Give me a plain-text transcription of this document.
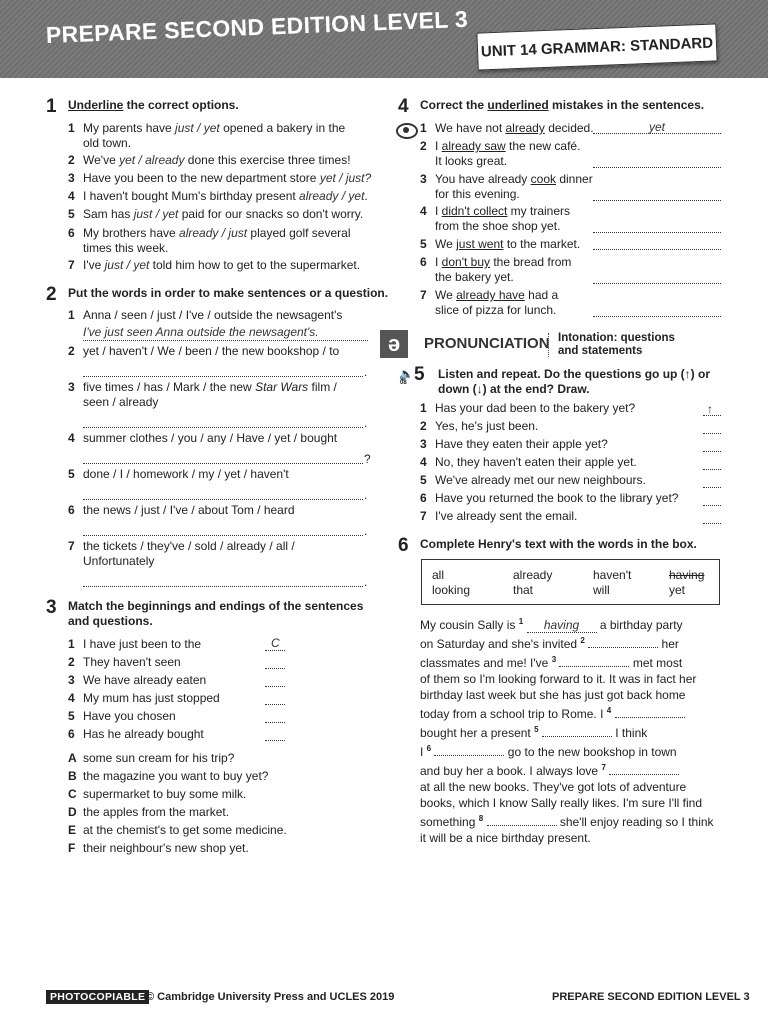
PREPARE SECOND EDITION LEVEL 3 UNIT 14 GRAMMAR: STANDARD
1 Underline the correct options.
1 My parents have just / yet opened a bakery in the
old town.
2 We've yet / already done this exercise three times!
3 Have you been to the new department store yet / just?
4 I haven't bought Mum's birthday present already / yet.
5 Sam has just / yet paid for our snacks so don't worry.
6 My brothers have already / just played golf several
times this week.
7 I've just / yet told him how to get to the supermarket.
2 Put the words in order to make sentences or a question.
1 Anna / seen / just / I've / outside the newsagent's
I've just seen Anna outside the newsagent's.
2 yet / haven't / We / been / the new bookshop / to
.
3 five times / has / Mark / the new Star Wars film /
seen / already
.
4 summer clothes / you / any / Have / yet / bought
?
5 done / I / homework / my / yet / haven't
.
6 the news / just / I've / about Tom / heard
.
7 the tickets / they've / sold / already / all /
Unfortunately
.
3 Match the beginnings and endings of the sentences
and questions.
1 I have just been to the	C
2 They haven't seen
3 We have already eaten
4 My mum has just stopped
5 Have you chosen
6 Has he already bought
A some sun cream for his trip?
B the magazine you want to buy yet?
C supermarket to buy some milk.
D the apples from the market.
E at the chemist's to get some medicine.
F their neighbour's new shop yet.
4 Correct the underlined mistakes in the sentences.
1 We have not already decided.	yet
2 I already saw the new café.
It looks great.
3 You have already cook dinner
for this evening.
4 I didn't collect my trainers
from the shoe shop yet.
5 We just went to the market.
6 I don't buy the bread from
the bakery yet.
7 We already have had a
slice of pizza for lunch.
ə	PRONUNCIATION Intonation: questions
and statements
🔈
08 5 Listen and repeat. Do the questions go up (↑) or
down (↓) at the end? Draw.
1 Has your dad been to the bakery yet?	↑
2 Yes, he's just been.
3 Have they eaten their apple yet?
4 No, they haven't eaten their apple yet.
5 We've already met our new neighbours.
6 Have you returned the book to the library yet?
7 I've already sent the email.
6 Complete Henry's text with the words in the box.
all	already	haven't	having
looking	that	will	yet
My cousin Sally is $^1$ having a birthday party
on Saturday and she's invited $^2$	her
classmates and me! I've $^3$	met most
of them so I'm looking forward to it. It was in fact her
birthday last week but she has just got back home
today from a school trip to Rome. I $^4$
bought her a present $^5$	I think
I $^6$	go to the new bookshop in town
and buy her a book. I always love $^7$
at all the new books. They've got lots of adventure
books, which I know Sally really likes. I'm sure I'll find
something $^8$	she'll enjoy reading so I think
it will be a nice birthday present.
PHOTOCOPIABLE © Cambridge University Press and UCLES 2019	PREPARE SECOND EDITION LEVEL 3
